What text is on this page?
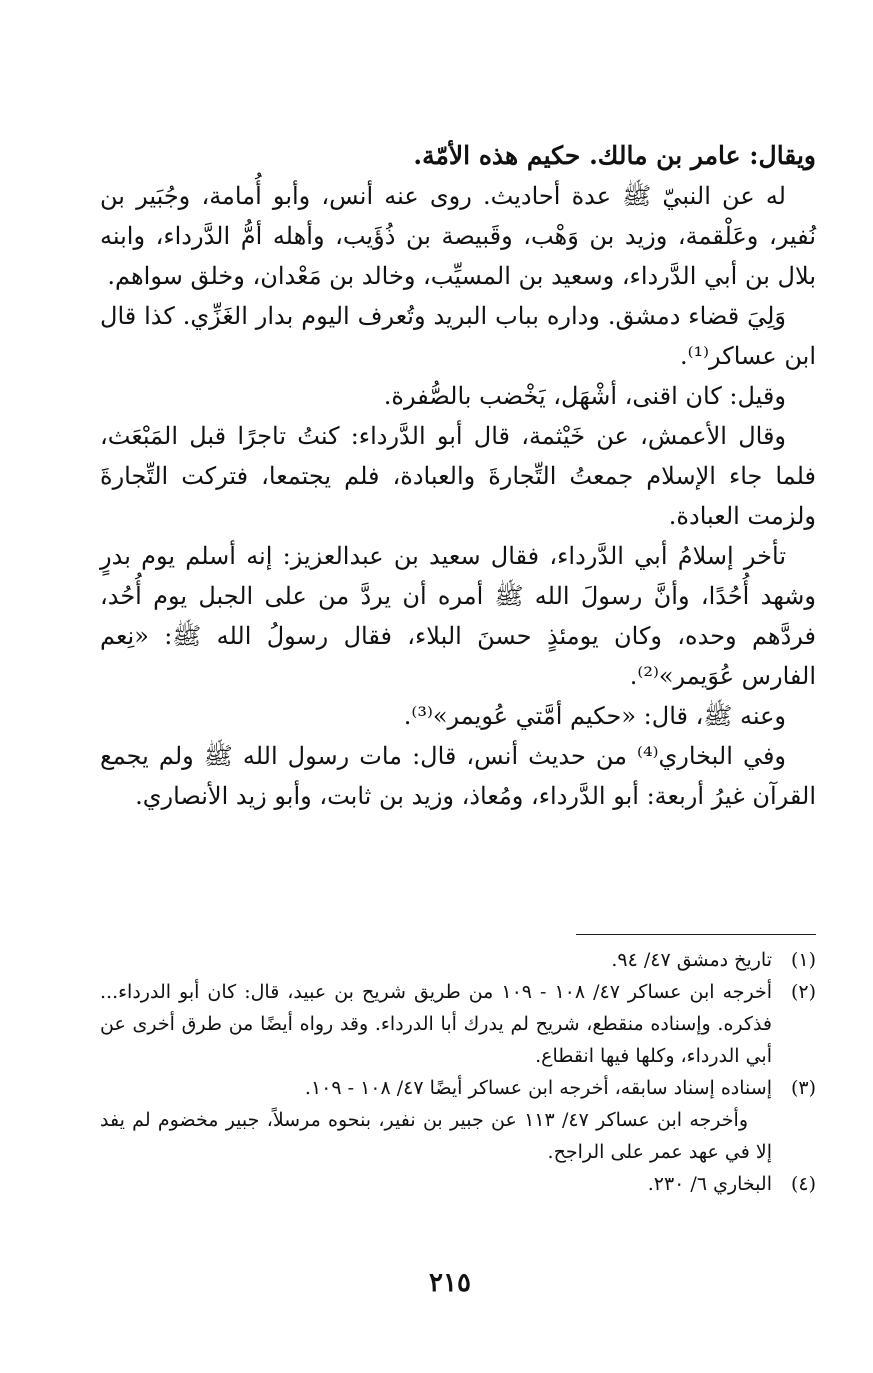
ويقال: عامر بن مالك. حكيم هذه الأمّة.

له عن النبيّ ﷺ عدة أحاديث. روى عنه أنس، وأبو أُمامة، وجُبَير بن نُفير، وعَلْقمة، وزيد بن وَهْب، وقَبيصة بن ذُؤَيب، وأهله أمُّ الدَّرداء، وابنه بلال بن أبي الدَّرداء، وسعيد بن المسيِّب، وخالد بن مَعْدان، وخلق سواهم.

وَلِيَ قضاء دمشق. وداره بباب البريد وتُعرف اليوم بدار الغَزِّي. كذا قال ابن عساكر⁽¹⁾.

وقيل: كان اقنى، أشْهَل، يَخْضب بالصُّفرة.

وقال الأعمش، عن خَيْثمة، قال أبو الدَّرداء: كنتُ تاجرًا قبل المَبْعَث، فلما جاء الإسلام جمعتُ التِّجارةَ والعبادة، فلم يجتمعا، فتركت التِّجارةَ ولزمت العبادة.

تأخر إسلامُ أبي الدَّرداء، فقال سعيد بن عبدالعزيز: إنه أسلم يوم بدرٍ وشهد أُحُدًا، وأنَّ رسولَ الله ﷺ أمره أن يردَّ من على الجبل يوم أُحُد، فردَّهم وحده، وكان يومئذٍ حسنَ البلاء، فقال رسولُ الله ﷺ: «نِعم الفارس عُوَيمر»⁽²⁾.

وعنه ﷺ، قال: «حكيم أمَّتي عُويمر»⁽³⁾.

وفي البخاري⁽⁴⁾ من حديث أنس، قال: مات رسول الله ﷺ ولم يجمع القرآن غيرُ أربعة: أبو الدَّرداء، ومُعاذ، وزيد بن ثابت، وأبو زيد الأنصاري.

(١)
تاريخ دمشق ٤٧/ ٩٤.
(٢)
أخرجه ابن عساكر ٤٧/ ١٠٨ - ١٠٩ من طريق شريح بن عبيد، قال: كان أبو الدرداء... فذكره. وإسناده منقطع، شريح لم يدرك أبا الدرداء. وقد رواه أيضًا من طرق أخرى عن أبي الدرداء، وكلها فيها انقطاع.
(٣)
إسناده إسناد سابقه، أخرجه ابن عساكر أيضًا ٤٧/ ١٠٨ - ١٠٩.

وأخرجه ابن عساكر ٤٧/ ١١٣ عن جبير بن نفير، بنحوه مرسلاً، جبير مخضوم لم يفد إلا في عهد عمر على الراجح.

(٤)
البخاري ٦/ ٢٣٠.
٢١٥
